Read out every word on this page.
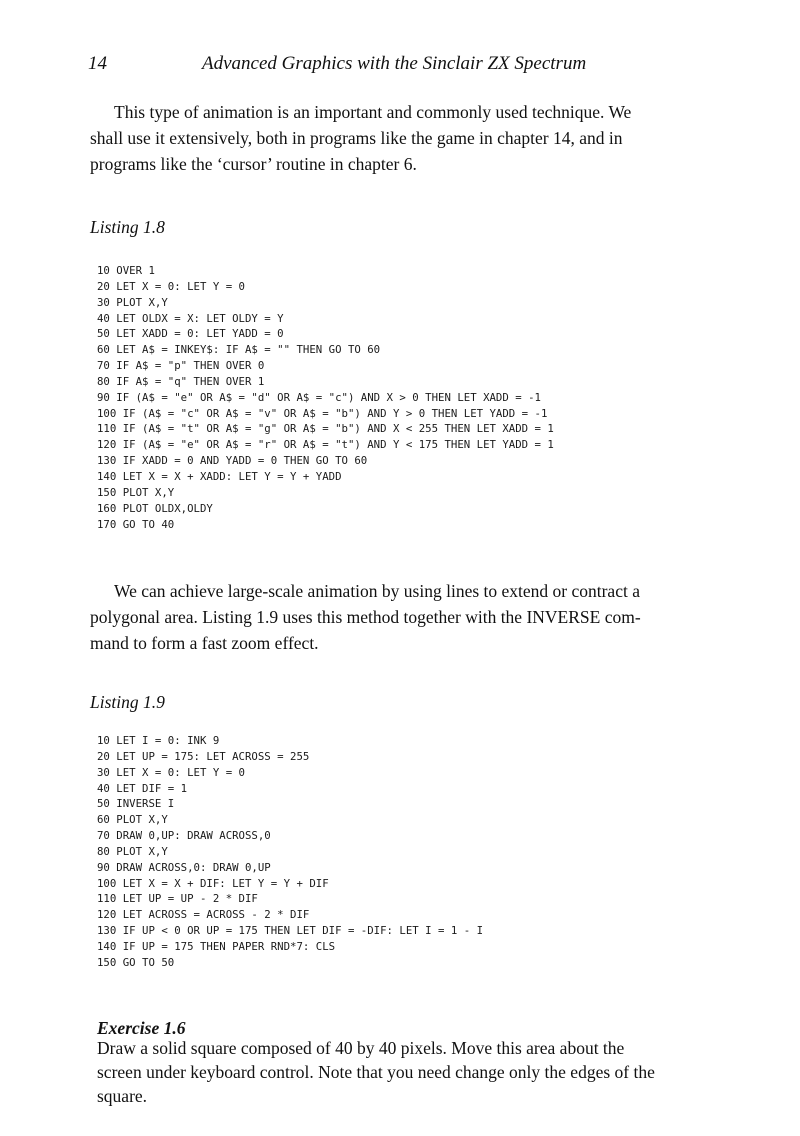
14	Advanced Graphics with the Sinclair ZX Spectrum

This type of animation is an important and commonly used technique. We
shall use it extensively, both in programs like the game in chapter 14, and in
programs like the ‘cursor’ routine in chapter 6.

Listing 1.8

10 OVER 1
20 LET X = 0: LET Y = 0
30 PLOT X,Y
40 LET OLDX = X: LET OLDY = Y
50 LET XADD = 0: LET YADD = 0
60 LET A$ = INKEY$: IF A$ = "" THEN GO TO 60
70 IF A$ = "p" THEN OVER 0
80 IF A$ = "q" THEN OVER 1
90 IF (A$ = "e" OR A$ = "d" OR A$ = "c") AND X > 0 THEN LET XADD = -1
100 IF (A$ = "c" OR A$ = "v" OR A$ = "b") AND Y > 0 THEN LET YADD = -1
110 IF (A$ = "t" OR A$ = "g" OR A$ = "b") AND X < 255 THEN LET XADD = 1
120 IF (A$ = "e" OR A$ = "r" OR A$ = "t") AND Y < 175 THEN LET YADD = 1
130 IF XADD = 0 AND YADD = 0 THEN GO TO 60
140 LET X = X + XADD: LET Y = Y + YADD
150 PLOT X,Y
160 PLOT OLDX,OLDY
170 GO TO 40

We can achieve large-scale animation by using lines to extend or contract a
polygonal area. Listing 1.9 uses this method together with the INVERSE com-
mand to form a fast zoom effect.

Listing 1.9

10 LET I = 0: INK 9
20 LET UP = 175: LET ACROSS = 255
30 LET X = 0: LET Y = 0
40 LET DIF = 1
50 INVERSE I
60 PLOT X,Y
70 DRAW 0,UP: DRAW ACROSS,0
80 PLOT X,Y
90 DRAW ACROSS,0: DRAW 0,UP
100 LET X = X + DIF: LET Y = Y + DIF
110 LET UP = UP - 2 * DIF
120 LET ACROSS = ACROSS - 2 * DIF
130 IF UP < 0 OR UP = 175 THEN LET DIF = -DIF: LET I = 1 - I
140 IF UP = 175 THEN PAPER RND*7: CLS
150 GO TO 50

Exercise 1.6

Draw a solid square composed of 40 by 40 pixels. Move this area about the
screen under keyboard control. Note that you need change only the edges of the
square.
